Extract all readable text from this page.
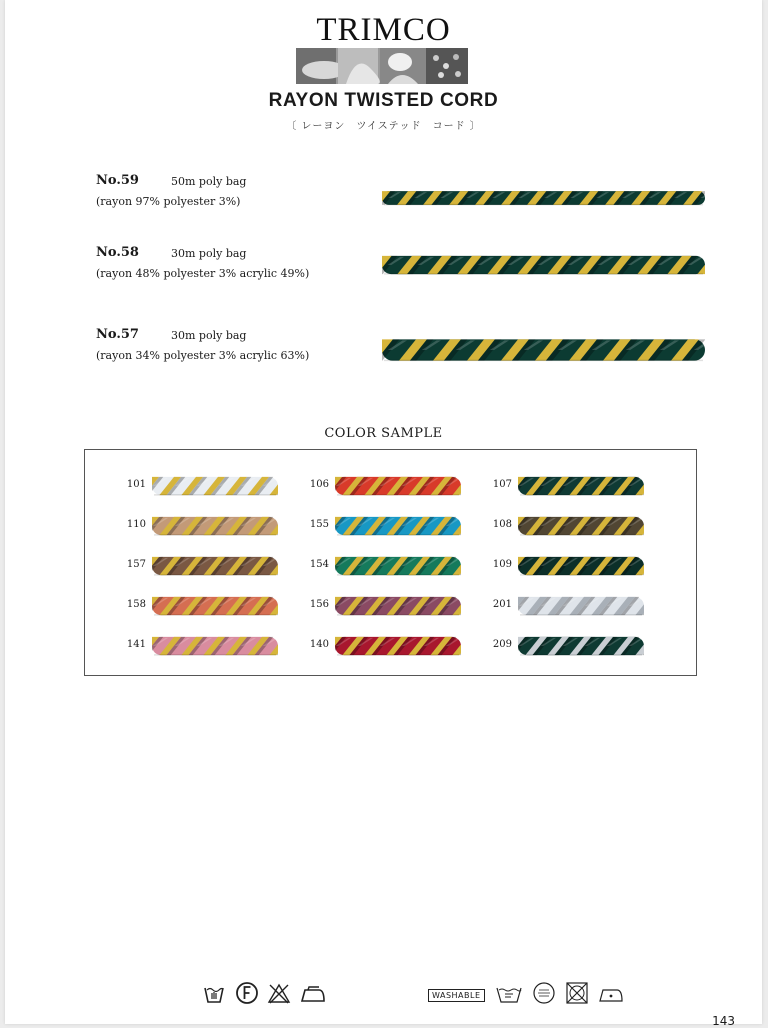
TRIMCO
RAYON TWISTED CORD
〔 レーヨン　ツイステッド　コード 〕
No.59	50m poly bag
(rayon 97% polyester 3%)
No.58	30m poly bag
(rayon 48% polyester 3% acrylic 49%)
No.57	30m poly bag
(rayon 34% polyester 3% acrylic 63%)
COLOR SAMPLE
101	106	107
110	155	108
157	154	109
158	156	201
141	140	209
WASHABLE
143
